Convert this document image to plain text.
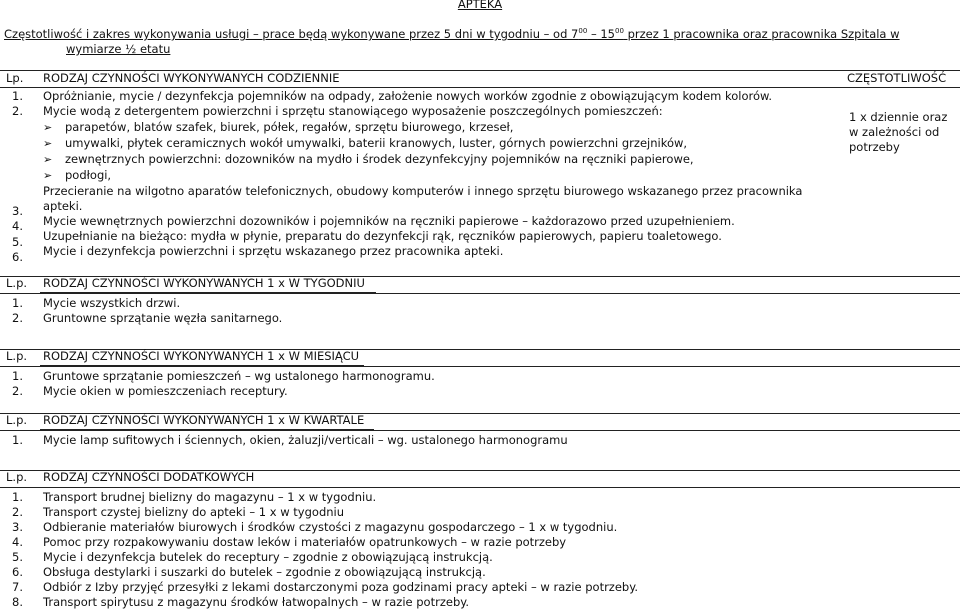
APTEKA
Częstotliwość i zakres wykonywania usługi – prace będą wykonywane przez 5 dni w tygodniu – od $7^{00} - 15^{00}$ przez 1 pracownika oraz pracownika Szpitala w
wymiarze ½ etatu
Lp. RODZAJ CZYNNOŚCI WYKONYWANYCH CODZIENNIE	CZĘSTOTLIWOŚĆ
1.
2.
3.
4.
5.
6.
Opróżnianie, mycie / dezynfekcja pojemników na odpady, założenie nowych worków zgodnie z obowiązującym kodem kolorów.
Mycie wodą z detergentem powierzchni i sprzętu stanowiącego wyposażenie poszczególnych pomieszczeń:
➢ parapetów, blatów szafek, biurek, półek, regałów, sprzętu biurowego, krzeseł,
➢ umywalki, płytek ceramicznych wokół umywalki, baterii kranowych, luster, górnych powierzchni grzejników,
➢ zewnętrznych powierzchni: dozowników na mydło i środek dezynfekcyjny pojemników na ręczniki papierowe,
➢ podłogi,
Przecieranie na wilgotno aparatów telefonicznych, obudowy komputerów i innego sprzętu biurowego wskazanego przez pracownika
apteki.
Mycie wewnętrznych powierzchni dozowników i pojemników na ręczniki papierowe – każdorazowo przed uzupełnieniem.
Uzupełnianie na bieżąco: mydła w płynie, preparatu do dezynfekcji rąk, ręczników papierowych, papieru toaletowego.
Mycie i dezynfekcja powierzchni i sprzętu wskazanego przez pracownika apteki.
1 x dziennie oraz
w zależności od
potrzeby
L.p. RODZAJ CZYNNOŚCI WYKONYWANYCH 1 x W TYGODNIU
1. Mycie wszystkich drzwi.
2. Gruntowne sprzątanie węzła sanitarnego.
L.p. RODZAJ CZYNNOŚCI WYKONYWANYCH 1 x W MIESIĄCU
1. Gruntowe sprzątanie pomieszczeń – wg ustalonego harmonogramu.
2. Mycie okien w pomieszczeniach receptury.
L.p. RODZAJ CZYNNOŚCI WYKONYWANYCH 1 x W KWARTALE
1. Mycie lamp sufitowych i ściennych, okien, żaluzji/verticali – wg. ustalonego harmonogramu
L.p. RODZAJ CZYNNOŚCI DODATKOWYCH
1. Transport brudnej bielizny do magazynu – 1 x w tygodniu.
2. Transport czystej bielizny do apteki – 1 x w tygodniu
3. Odbieranie materiałów biurowych i środków czystości z magazynu gospodarczego – 1 x w tygodniu.
4. Pomoc przy rozpakowywaniu dostaw leków i materiałów opatrunkowych – w razie potrzeby
5. Mycie i dezynfekcja butelek do receptury – zgodnie z obowiązującą instrukcją.
6. Obsługa destylarki i suszarki do butelek – zgodnie z obowiązującą instrukcją.
7. Odbiór z Izby przyjęć przesyłki z lekami dostarczonymi poza godzinami pracy apteki – w razie potrzeby.
8. Transport spirytusu z magazynu środków łatwopalnych – w razie potrzeby.
